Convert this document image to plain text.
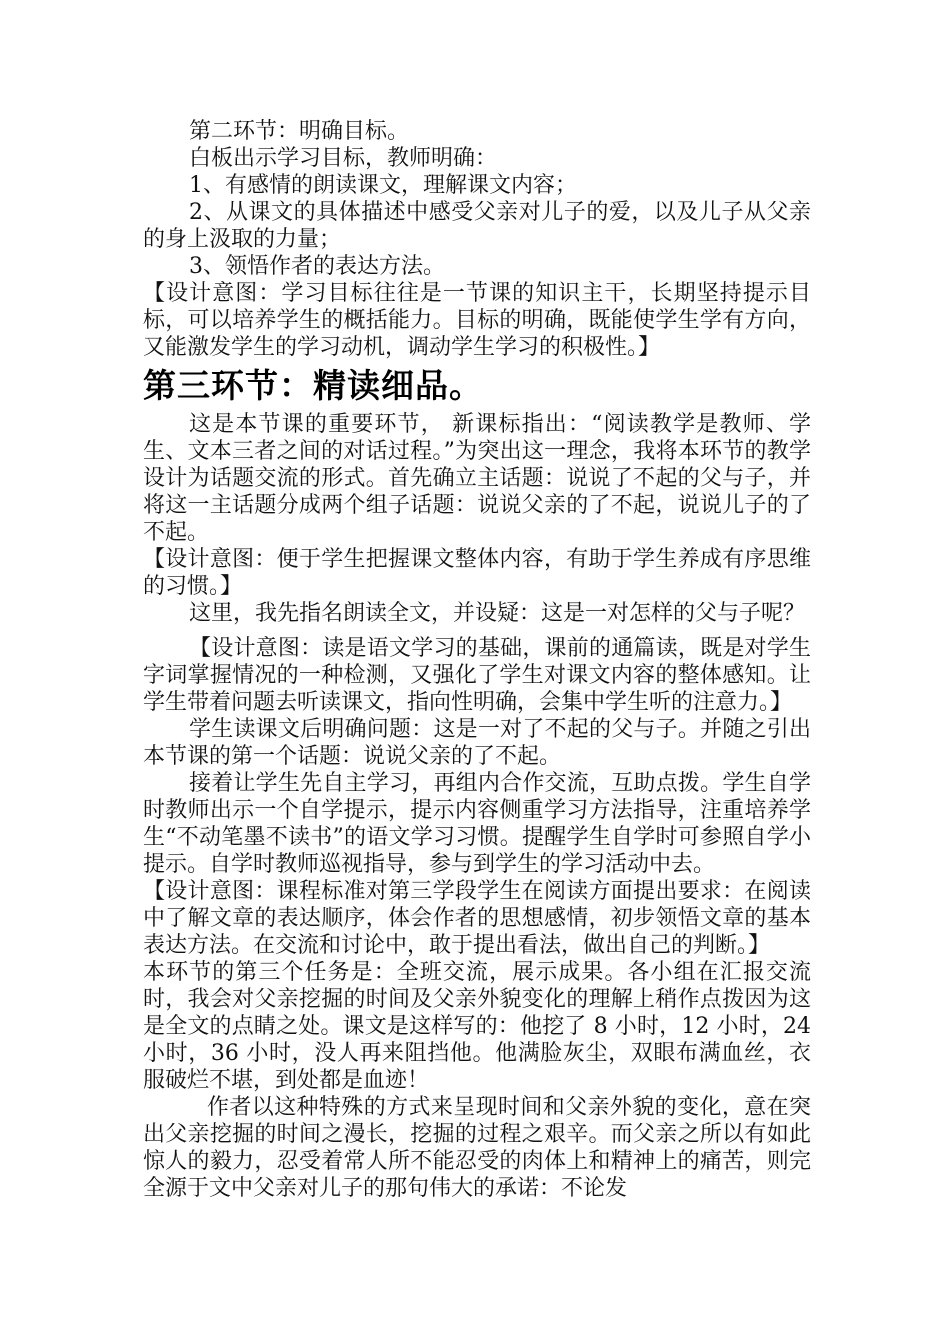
第二环节：明确目标。

白板出示学习目标，教师明确：

1、有感情的朗读课文，理解课文内容；

2、从课文的具体描述中感受父亲对儿子的爱，以及儿子从父亲的身上汲取的力量；

3、领悟作者的表达方法。

【设计意图：学习目标往往是一节课的知识主干，长期坚持提示目标，可以培养学生的概括能力。目标的明确，既能使学生学有方向，又能激发学生的学习动机，调动学生学习的积极性。】

第三环节：精读细品。

这是本节课的重要环节， 新课标指出：“阅读教学是教师、学生、文本三者之间的对话过程。”为突出这一理念，我将本环节的教学设计为话题交流的形式。首先确立主话题：说说了不起的父与子，并将这一主话题分成两个组子话题：说说父亲的了不起，说说儿子的了不起。

【设计意图：便于学生把握课文整体内容，有助于学生养成有序思维的习惯。】

这里，我先指名朗读全文，并设疑：这是一对怎样的父与子呢？

【设计意图：读是语文学习的基础，课前的通篇读，既是对学生字词掌握情况的一种检测，又强化了学生对课文内容的整体感知。让学生带着问题去听读课文，指向性明确，会集中学生听的注意力。】

学生读课文后明确问题：这是一对了不起的父与子。并随之引出本节课的第一个话题：说说父亲的了不起。

接着让学生先自主学习，再组内合作交流，互助点拨。学生自学时教师出示一个自学提示，提示内容侧重学习方法指导，注重培养学生“不动笔墨不读书”的语文学习习惯。提醒学生自学时可参照自学小提示。自学时教师巡视指导，参与到学生的学习活动中去。

【设计意图：课程标准对第三学段学生在阅读方面提出要求：在阅读中了解文章的表达顺序，体会作者的思想感情，初步领悟文章的基本表达方法。在交流和讨论中，敢于提出看法，做出自己的判断。】

本环节的第三个任务是：全班交流，展示成果。各小组在汇报交流时，我会对父亲挖掘的时间及父亲外貌变化的理解上稍作点拨因为这是全文的点睛之处。课文是这样写的：他挖了 8 小时，12 小时，24 小时，36 小时，没人再来阻挡他。他满脸灰尘，双眼布满血丝，衣服破烂不堪，到处都是血迹！

作者以这种特殊的方式来呈现时间和父亲外貌的变化，意在突出父亲挖掘的时间之漫长，挖掘的过程之艰辛。而父亲之所以有如此惊人的毅力，忍受着常人所不能忍受的肉体上和精神上的痛苦，则完全源于文中父亲对儿子的那句伟大的承诺：不论发
